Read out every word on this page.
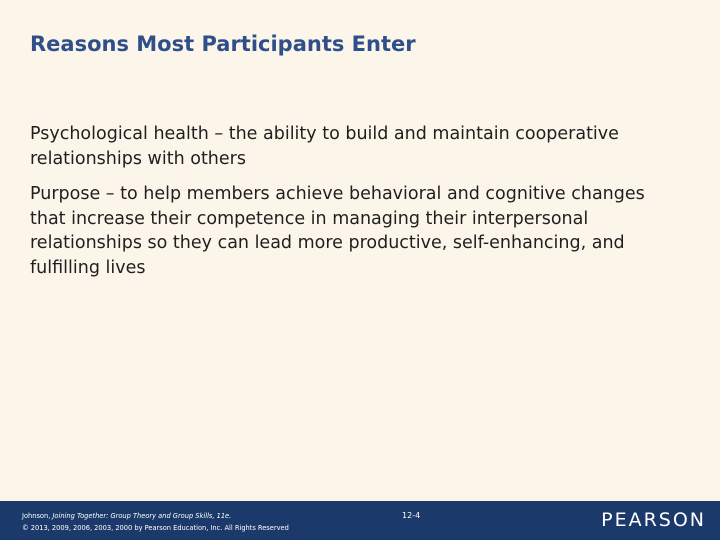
Reasons Most Participants Enter

Psychological health – the ability to build and maintain cooperative relationships with others

Purpose – to help members achieve behavioral and cognitive changes that increase their competence in managing their interpersonal relationships so they can lead more productive, self-enhancing, and fulfilling lives

Johnson, Joining Together: Group Theory and Group Skills, 11e.
© 2013, 2009, 2006, 2003, 2000 by Pearson Education, Inc. All Rights Reserved
12-4	PEARSON
